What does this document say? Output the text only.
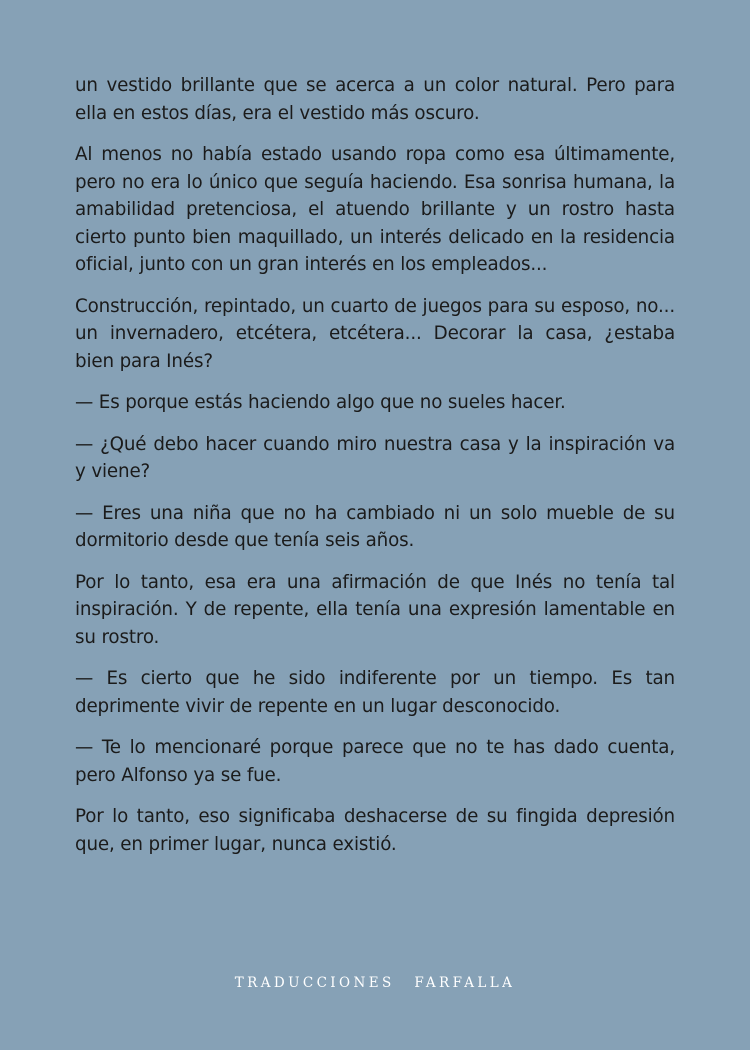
un vestido brillante que se acerca a un color natural. Pero para ella en estos días, era el vestido más oscuro.

Al menos no había estado usando ropa como esa últimamente, pero no era lo único que seguía haciendo. Esa sonrisa humana, la amabilidad pretenciosa, el atuendo brillante y un rostro hasta cierto punto bien maquillado, un interés delicado en la residencia oficial, junto con un gran interés en los empleados...

Construcción, repintado, un cuarto de juegos para su esposo, no... un invernadero, etcétera, etcétera... Decorar la casa, ¿estaba bien para Inés?

— Es porque estás haciendo algo que no sueles hacer.

— ¿Qué debo hacer cuando miro nuestra casa y la inspiración va y viene?

— Eres una niña que no ha cambiado ni un solo mueble de su dormitorio desde que tenía seis años.

Por lo tanto, esa era una afirmación de que Inés no tenía tal inspiración. Y de repente, ella tenía una expresión lamentable en su rostro.

— Es cierto que he sido indiferente por un tiempo. Es tan deprimente vivir de repente en un lugar desconocido.

— Te lo mencionaré porque parece que no te has dado cuenta, pero Alfonso ya se fue.

Por lo tanto, eso significaba deshacerse de su fingida depresión que, en primer lugar, nunca existió.

TRADUCCIONES FARFALLA
